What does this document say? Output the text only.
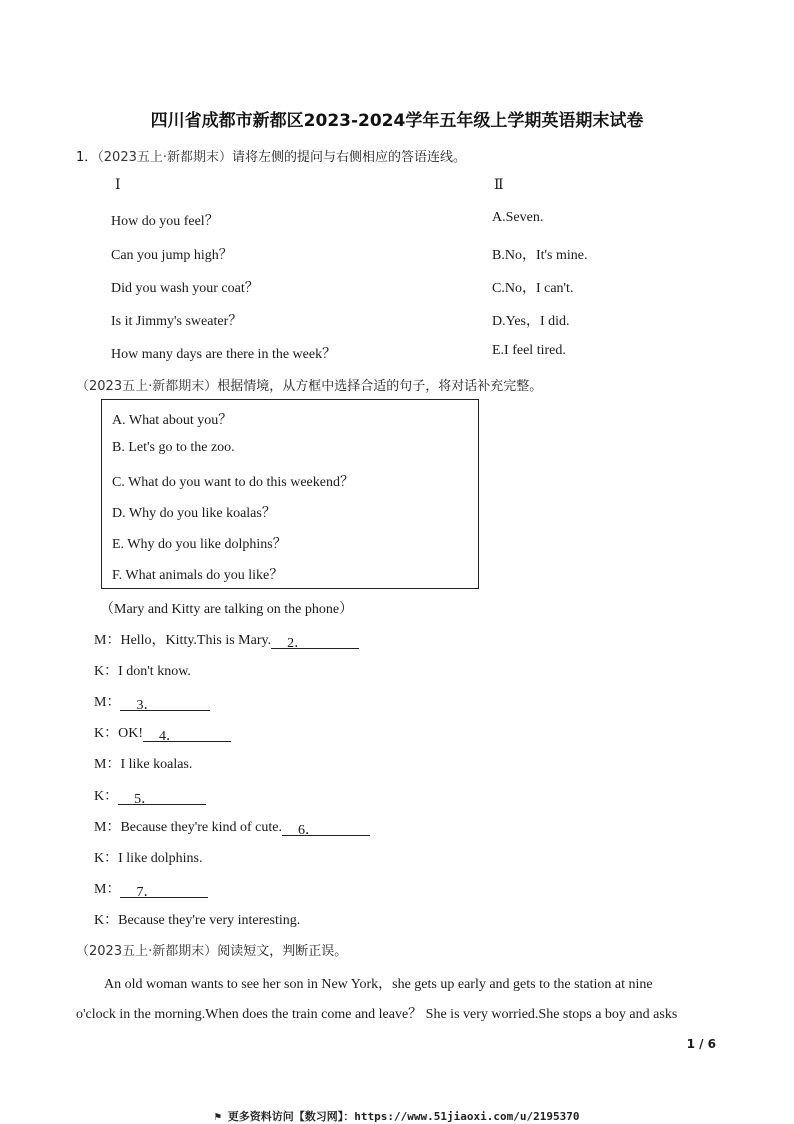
四川省成都市新都区2023-2024学年五年级上学期英语期末试卷
1．（2023五上·新都期末）请将左侧的提问与右侧相应的答语连线。
Ⅰ	Ⅱ
How do you feel？
Can you jump high？
Did you wash your coat？
Is it Jimmy's sweater？
How many days are there in the week？
A.Seven.
B.No，It's mine.
C.No，I can't.
D.Yes，I did.
E.I feel tired.
（2023五上·新都期末）根据情境，从方框中选择合适的句子，将对话补充完整。
A. What about you？
B. Let's go to the zoo.
C. What do you want to do this weekend？
D. Why do you like koalas？
E. Why do you like dolphins？
F. What animals do you like？
（Mary and Kitty are talking on the phone）
M：Hello，Kitty.This is Mary. 2．
K：I don't know.
M： 3．
K：OK! 4．
M：I like koalas.
K： 5．
M：Because they're kind of cute. 6．
K：I like dolphins.
M： 7．
K：Because they're very interesting.
（2023五上·新都期末）阅读短文，判断正误。
An old woman wants to see her son in New York，she gets up early and gets to the station at nine
o'clock in the morning.When does the train come and leave？ She is very worried.She stops a boy and asks
1 / 6
⚑ 更多资料访问【数习网】：https://www.51jiaoxi.com/u/2195370
